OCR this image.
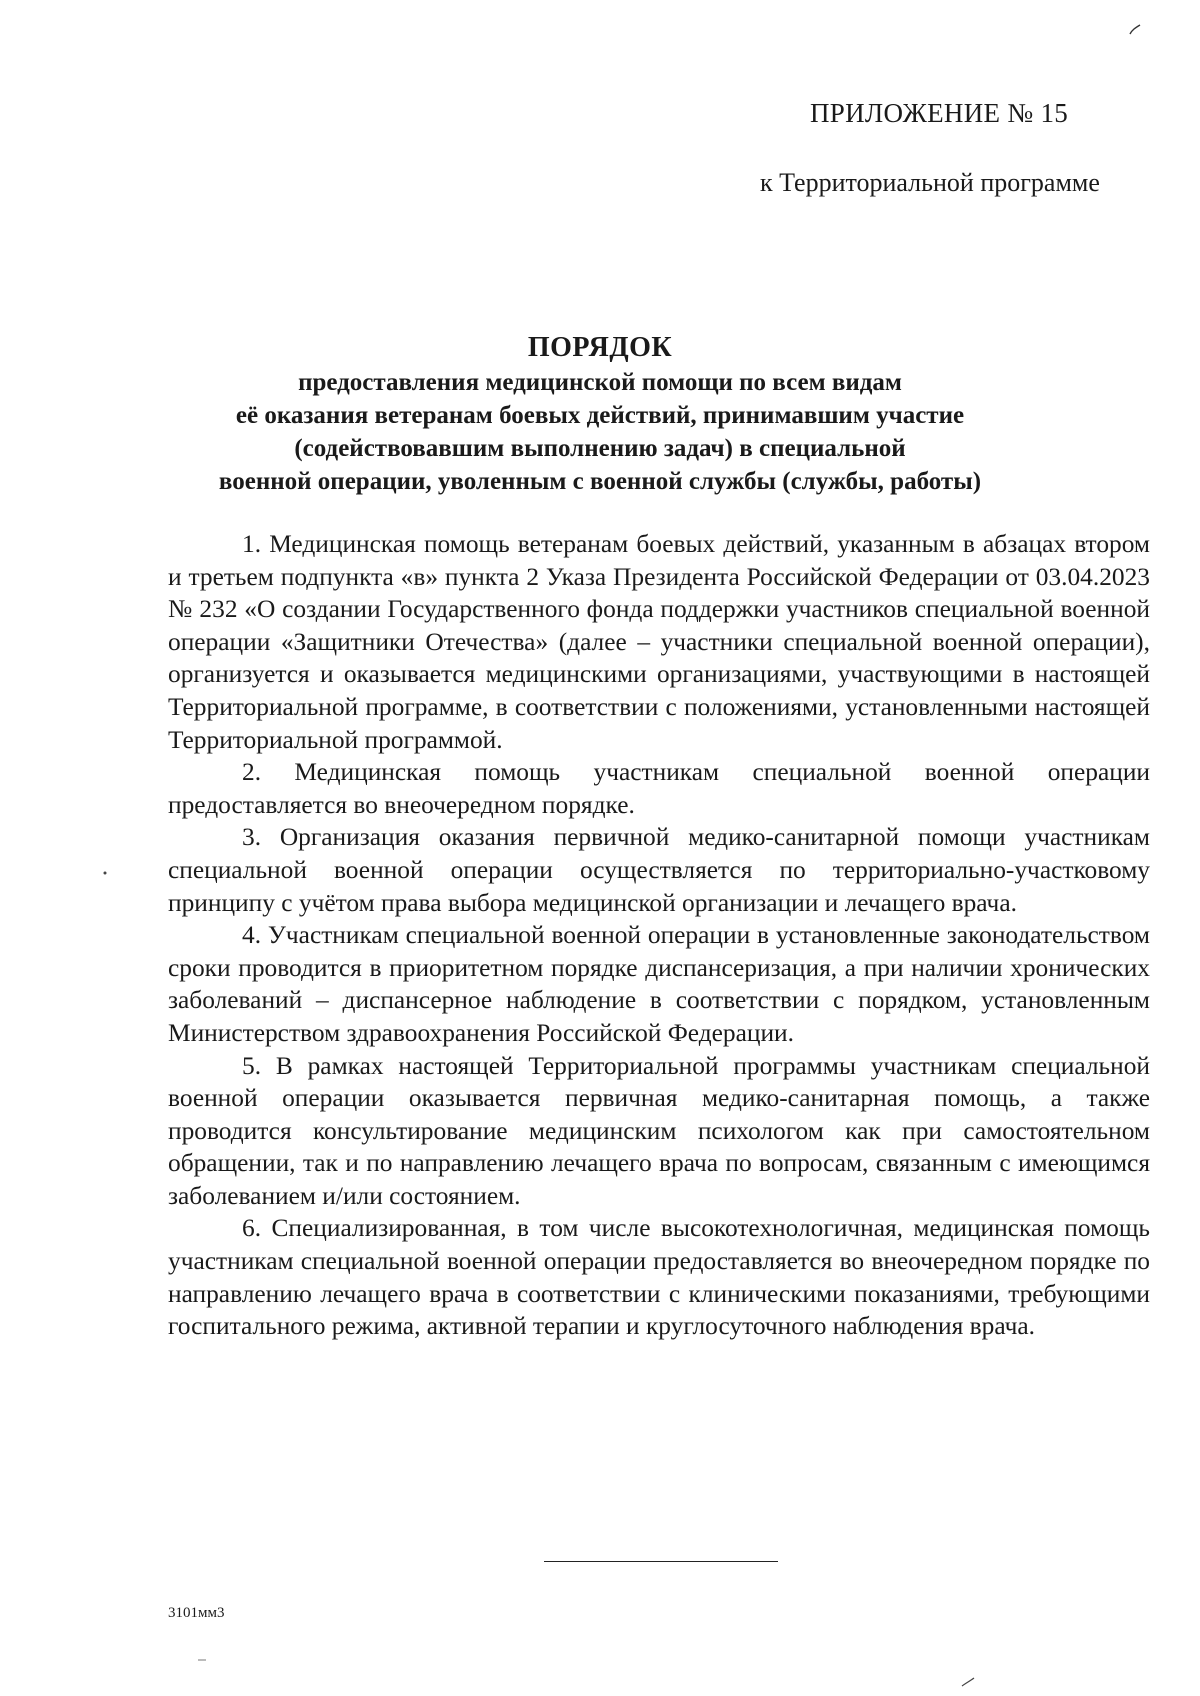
ПРИЛОЖЕНИЕ № 15
к Территориальной программе
ПОРЯДОК
предоставления медицинской помощи по всем видам
её оказания ветеранам боевых действий, принимавшим участие
(содействовавшим выполнению задач) в специальной
военной операции, уволенным с военной службы (службы, работы)

1. Медицинская помощь ветеранам боевых действий, указанным в абзацах втором и третьем подпункта «в» пункта 2 Указа Президента Российской Федерации от 03.04.2023 № 232 «О создании Государственного фонда поддержки участников специальной военной операции «Защитники Отечества» (далее – участники специальной военной операции), организуется и оказывается медицинскими организациями, участвующими в настоящей Территориальной программе, в соответствии с положениями, установленными настоящей Территориальной программой.

2. Медицинская помощь участникам специальной военной операции предоставляется во внеочередном порядке.

3. Организация оказания первичной медико-санитарной помощи участникам специальной военной операции осуществляется по территориально-участковому принципу с учётом права выбора медицинской организации и лечащего врача.

4. Участникам специальной военной операции в установленные законодательством сроки проводится в приоритетном порядке диспансеризация, а при наличии хронических заболеваний – диспансерное наблюдение в соответствии с порядком, установленным Министерством здравоохранения Российской Федерации.

5. В рамках настоящей Территориальной программы участникам специальной военной операции оказывается первичная медико-санитарная помощь, а также проводится консультирование медицинским психологом как при самостоятельном обращении, так и по направлению лечащего врача по вопросам, связанным с имеющимся заболеванием и/или состоянием.

6. Специализированная, в том числе высокотехнологичная, медицинская помощь участникам специальной военной операции предоставляется во внеочередном порядке по направлению лечащего врача в соответствии с клиническими показаниями, требующими госпитального режима, активной терапии и круглосуточного наблюдения врача.

3101мм3
